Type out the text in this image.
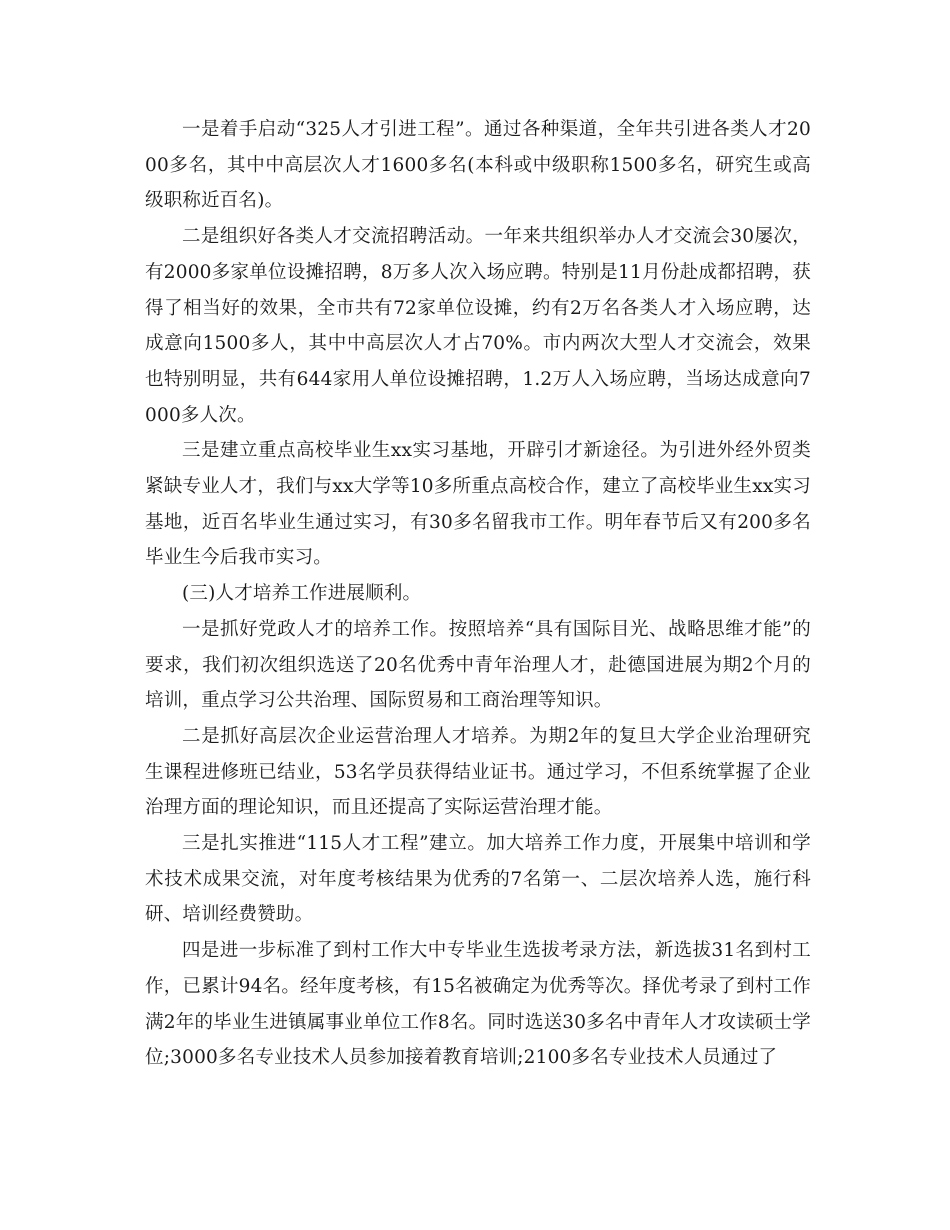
一是着手启动“325人才引进工程”。通过各种渠道，全年共引进各类人才2000多名，其中中高层次人才1600多名(本科或中级职称1500多名，研究生或高级职称近百名)。

二是组织好各类人才交流招聘活动。一年来共组织举办人才交流会30屡次，有2000多家单位设摊招聘，8万多人次入场应聘。特别是11月份赴成都招聘，获得了相当好的效果，全市共有72家单位设摊，约有2万名各类人才入场应聘，达成意向1500多人，其中中高层次人才占70%。市内两次大型人才交流会，效果也特别明显，共有644家用人单位设摊招聘，1.2万人入场应聘，当场达成意向7000多人次。

三是建立重点高校毕业生xx实习基地，开辟引才新途径。为引进外经外贸类紧缺专业人才，我们与xx大学等10多所重点高校合作，建立了高校毕业生xx实习基地，近百名毕业生通过实习，有30多名留我市工作。明年春节后又有200多名毕业生今后我市实习。

(三)人才培养工作进展顺利。

一是抓好党政人才的培养工作。按照培养“具有国际目光、战略思维才能”的要求，我们初次组织选送了20名优秀中青年治理人才，赴德国进展为期2个月的培训，重点学习公共治理、国际贸易和工商治理等知识。

二是抓好高层次企业运营治理人才培养。为期2年的复旦大学企业治理研究生课程进修班已结业，53名学员获得结业证书。通过学习，不但系统掌握了企业治理方面的理论知识，而且还提高了实际运营治理才能。

三是扎实推进“115人才工程”建立。加大培养工作力度，开展集中培训和学术技术成果交流，对年度考核结果为优秀的7名第一、二层次培养人选，施行科研、培训经费赞助。

四是进一步标准了到村工作大中专毕业生选拔考录方法，新选拔31名到村工作，已累计94名。经年度考核，有15名被确定为优秀等次。择优考录了到村工作满2年的毕业生进镇属事业单位工作8名。同时选送30多名中青年人才攻读硕士学位;3000多名专业技术人员参加接着教育培训;2100多名专业技术人员通过了
